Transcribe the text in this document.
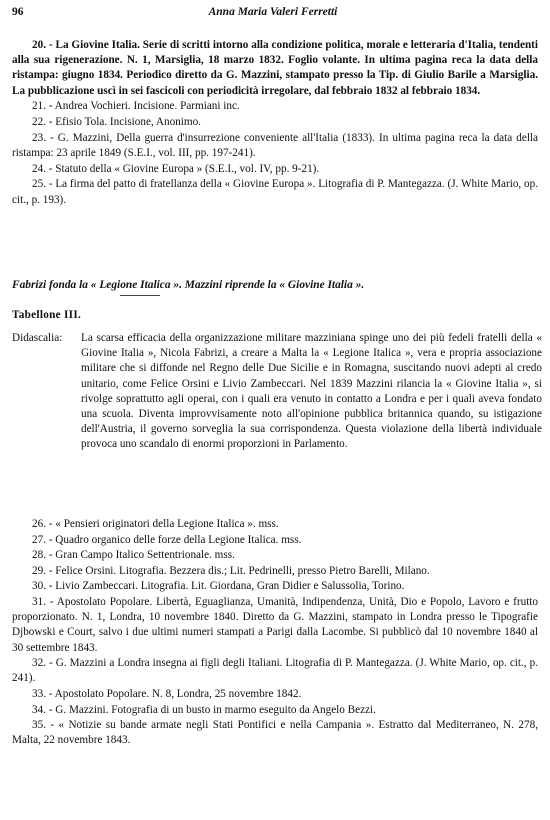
96	Anna Maria Valeri Ferretti

20. - La Giovine Italia. Serie di scritti intorno alla condizione politica, morale e letteraria d'Italia, tendenti alla sua rigenerazione. N. 1, Marsiglia, 18 marzo 1832. Foglio volante. In ultima pagina reca la data della ristampa: giugno 1834. Periodico diretto da G. Mazzini, stampato presso la Tip. di Giulio Barile a Marsiglia. La pubblicazione uscì in sei fascicoli con periodicità irregolare, dal febbraio 1832 al febbraio 1834.

21. - Andrea Vochieri. Incisione. Parmiani inc.

22. - Efisio Tola. Incisione, Anonimo.

23. - G. Mazzini, Della guerra d'insurrezione conveniente all'Italia (1833). In ultima pagina reca la data della ristampa: 23 aprile 1849 (S.E.I., vol. III, pp. 197-241).

24. - Statuto della « Giovine Europa » (S.E.I., vol. IV, pp. 9-21).

25. - La firma del patto di fratellanza della « Giovine Europa ». Litografia di P. Mantegazza. (J. White Mario, op. cit., p. 193).

Fabrizi fonda la « Legione Italica ». Mazzini riprende la « Giovine Italia ».
Tabellone III.
Didascalia: La scarsa efficacia della organizzazione militare mazziniana spinge uno dei più fedeli fratelli della « Giovine Italia », Nicola Fabrizi, a creare a Malta la « Legione Italica », vera e propria associazione militare che si diffonde nel Regno delle Due Sicilie e in Romagna, suscitando nuovi adepti al credo unitario, come Felice Orsini e Livio Zambeccari. Nel 1839 Mazzini rilancia la « Giovine Italia », si rivolge soprattutto agli operai, con i quali era venuto in contatto a Londra e per i quali aveva fondato una scuola. Diventa improvvisamente noto all'opinione pubblica britannica quando, su istigazione dell'Austria, il governo sorveglia la sua corrispondenza. Questa violazione della libertà individuale provoca uno scandalo di enormi proporzioni in Parlamento.

26. - « Pensieri originatori della Legione Italica ». mss.

27. - Quadro organico delle forze della Legione Italica. mss.

28. - Gran Campo Italico Settentrionale. mss.

29. - Felice Orsini. Litografia. Bezzera dis.; Lit. Pedrinelli, presso Pietro Barelli, Milano.

30. - Livio Zambeccari. Litografia. Lit. Giordana, Gran Didier e Salussolia, Torino.

31. - Apostolato Popolare. Libertà, Eguaglianza, Umanità, Indipendenza, Unità, Dio e Popolo, Lavoro e frutto proporzionato. N. 1, Londra, 10 novembre 1840. Diretto da G. Mazzini, stampato in Londra presso le Tipografie Djbowski e Court, salvo i due ultimi numeri stampati a Parigi dalla Lacombe. Si pubblicò dal 10 novembre 1840 al 30 settembre 1843.

32. - G. Mazzini a Londra insegna ai figli degli Italiani. Litografia di P. Mantegazza. (J. White Mario, op. cit., p. 241).

33. - Apostolato Popolare. N. 8, Londra, 25 novembre 1842.

34. - G. Mazzini. Fotografia di un busto in marmo eseguito da Angelo Bezzi.

35. - « Notizie su bande armate negli Stati Pontifici e nella Campania ». Estratto dal Mediterraneo, N. 278, Malta, 22 novembre 1843.
